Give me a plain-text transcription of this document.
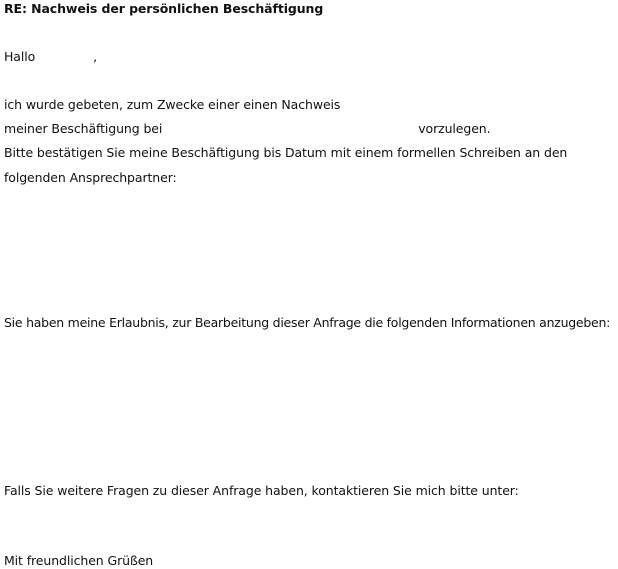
RE: Nachweis der persönlichen Beschäftigung
Hallo	,
ich wurde gebeten, zum Zwecke einer einen Nachweis
meiner Beschäftigung bei	vorzulegen.
Bitte bestätigen Sie meine Beschäftigung bis Datum mit einem formellen Schreiben an den
folgenden Ansprechpartner:
Sie haben meine Erlaubnis, zur Bearbeitung dieser Anfrage die folgenden Informationen anzugeben:
Falls Sie weitere Fragen zu dieser Anfrage haben, kontaktieren Sie mich bitte unter:
Mit freundlichen Grüßen
